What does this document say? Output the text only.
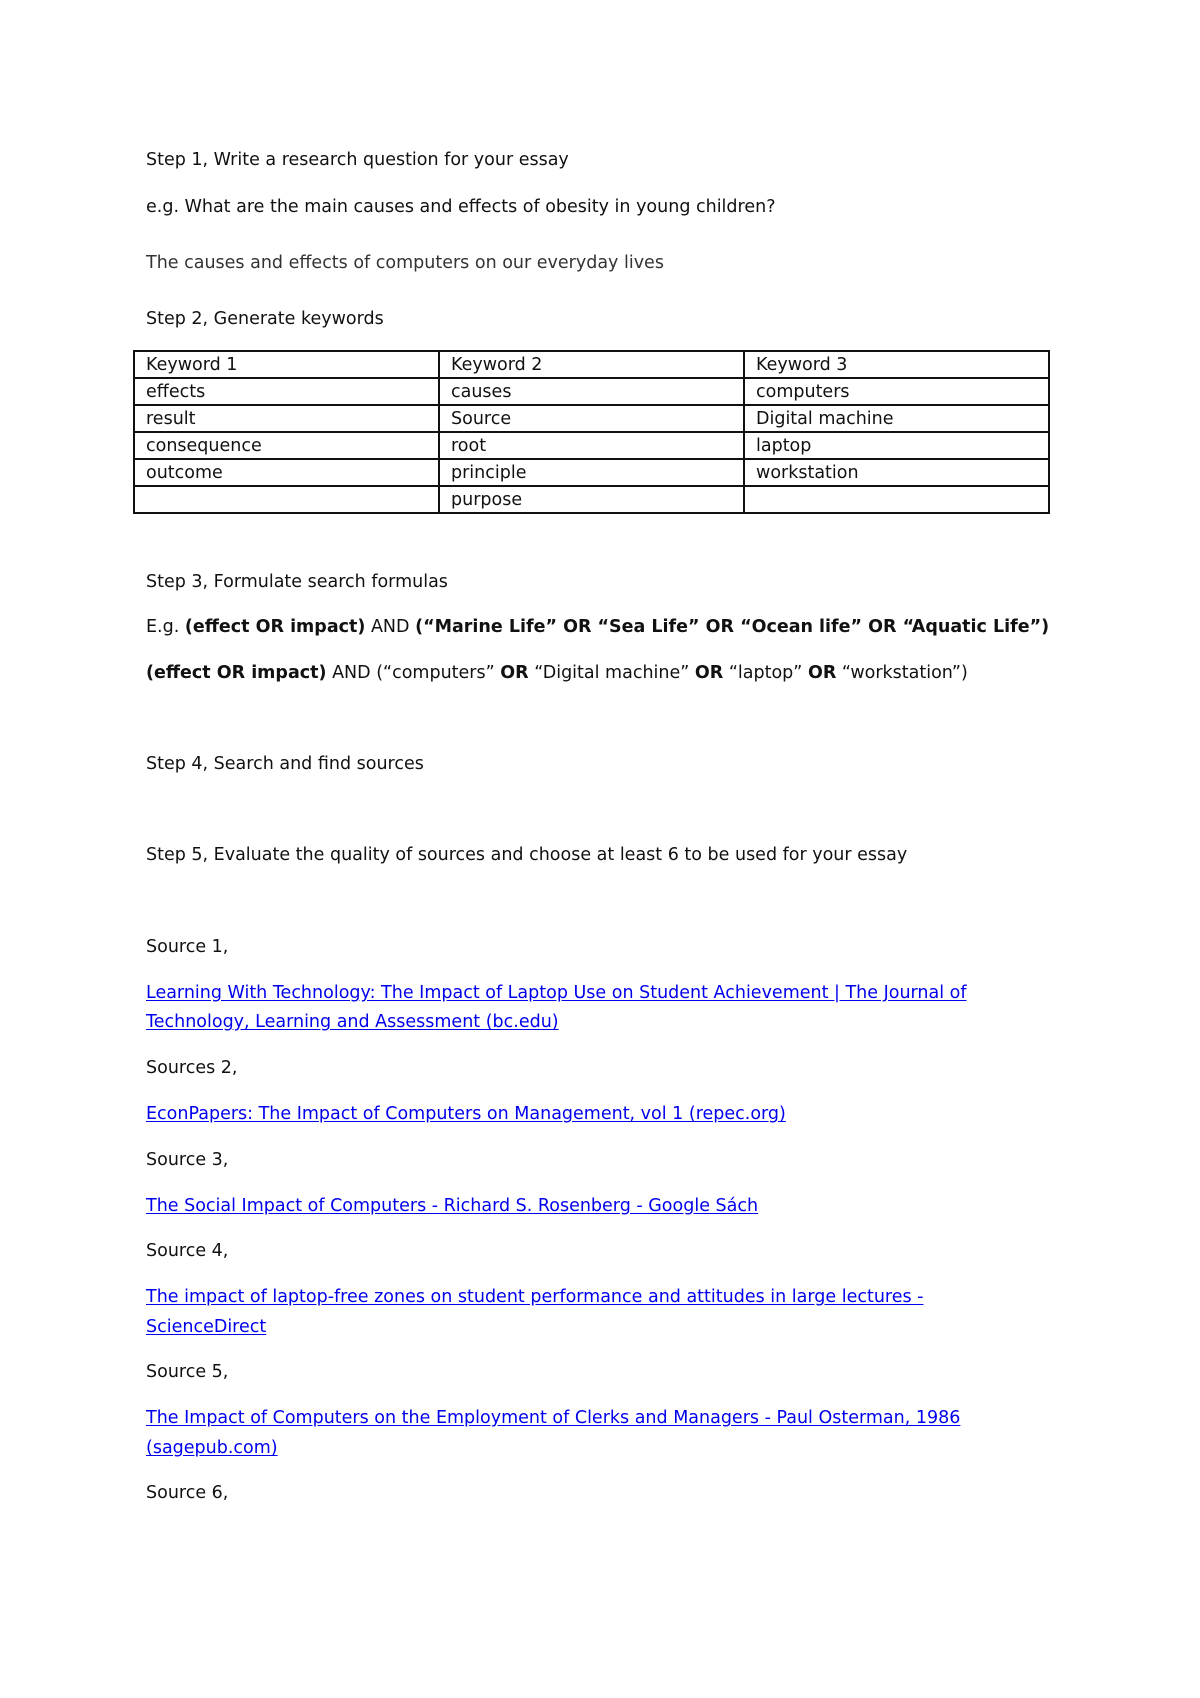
Step 1, Write a research question for your essay
e.g. What are the main causes and effects of obesity in young children?
The causes and effects of computers on our everyday lives
Step 2, Generate keywords
Keyword 1	Keyword 2	Keyword 3
effects	causes	computers
result	Source	Digital machine
consequence	root	laptop
outcome	principle	workstation
	purpose	
Step 3, Formulate search formulas
E.g. (effect OR impact) AND (“Marine Life” OR “Sea Life” OR “Ocean life” OR “Aquatic Life”)
(effect OR impact) AND (“computers” OR “Digital machine” OR “laptop” OR “workstation”)
Step 4, Search and find sources
Step 5, Evaluate the quality of sources and choose at least 6 to be used for your essay
Source 1,
Learning With Technology: The Impact of Laptop Use on Student Achievement | The Journal of
Technology, Learning and Assessment (bc.edu)
Sources 2,
EconPapers: The Impact of Computers on Management, vol 1 (repec.org)
Source 3,
The Social Impact of Computers - Richard S. Rosenberg - Google Sách
Source 4,
The impact of laptop-free zones on student performance and attitudes in large lectures -
ScienceDirect
Source 5,
The Impact of Computers on the Employment of Clerks and Managers - Paul Osterman, 1986
(sagepub.com)
Source 6,
